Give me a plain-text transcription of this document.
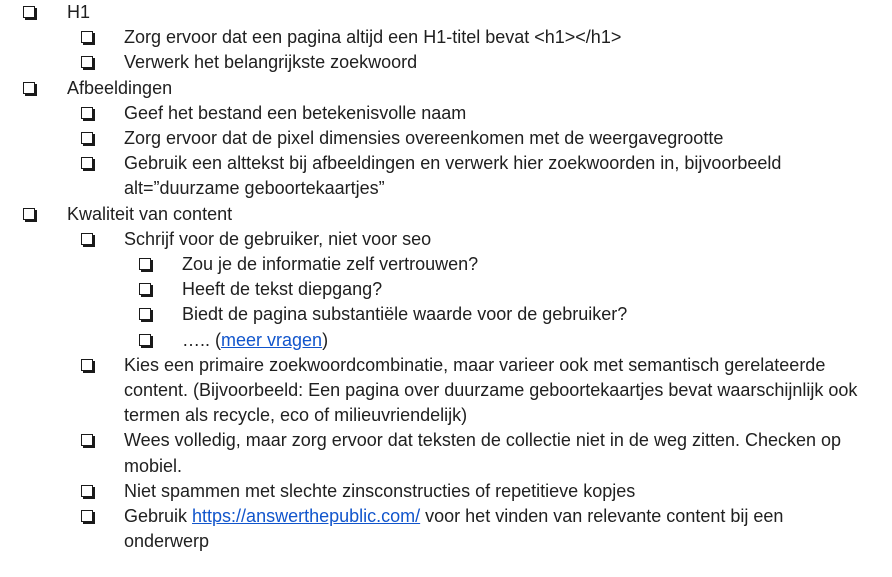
H1
Zorg ervoor dat een pagina altijd een H1-titel bevat <h1></h1>
Verwerk het belangrijkste zoekwoord
Afbeeldingen
Geef het bestand een betekenisvolle naam
Zorg ervoor dat de pixel dimensies overeenkomen met de weergavegrootte
Gebruik een alttekst bij afbeeldingen en verwerk hier zoekwoorden in, bijvoorbeeld alt=”duurzame geboortekaartjes”
Kwaliteit van content
Schrijf voor de gebruiker, niet voor seo
Zou je de informatie zelf vertrouwen?
Heeft de tekst diepgang?
Biedt de pagina substantiële waarde voor de gebruiker?
….. (meer vragen)
Kies een primaire zoekwoordcombinatie, maar varieer ook met semantisch gerelateerde content. (Bijvoorbeeld: Een pagina over duurzame geboortekaartjes bevat waarschijnlijk ook termen als recycle, eco of milieuvriendelijk)
Wees volledig, maar zorg ervoor dat teksten de collectie niet in de weg zitten. Checken op mobiel.
Niet spammen met slechte zinsconstructies of repetitieve kopjes
Gebruik https://answerthepublic.com/ voor het vinden van relevante content bij een onderwerp
